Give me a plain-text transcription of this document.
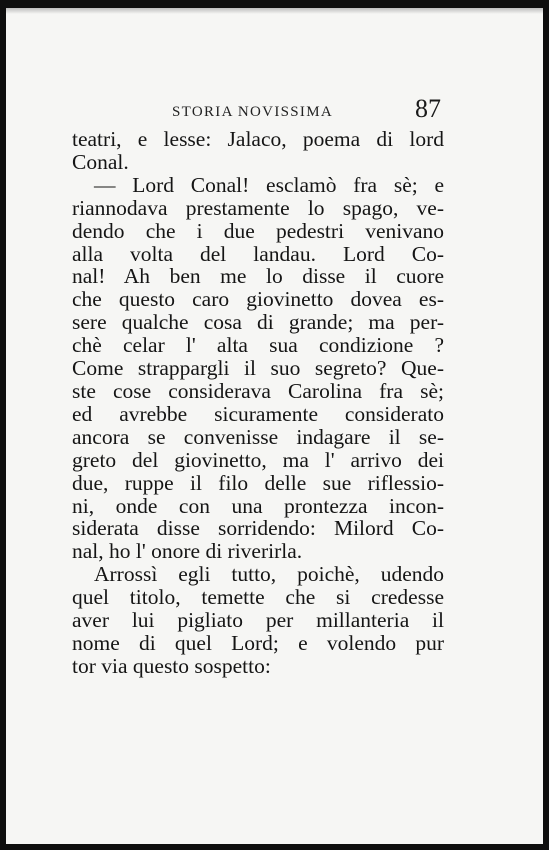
STORIA NOVISSIMA	87
teatri, e lesse: Jalaco, poema di lord
Conal.
— Lord Conal! esclamò fra sè; e
riannodava prestamente lo spago, ve-
dendo che i due pedestri venivano
alla volta del landau. Lord Co-
nal! Ah ben me lo disse il cuore
che questo caro giovinetto dovea es-
sere qualche cosa di grande; ma per-
chè celar l' alta sua condizione ?
Come strappargli il suo segreto? Que-
ste cose considerava Carolina fra sè;
ed avrebbe sicuramente considerato
ancora se convenisse indagare il se-
greto del giovinetto, ma l' arrivo dei
due, ruppe il filo delle sue riflessio-
ni, onde con una prontezza incon-
siderata disse sorridendo: Milord Co-
nal, ho l' onore di riverirla.
Arrossì egli tutto, poichè, udendo
quel titolo, temette che si credesse
aver lui pigliato per millanteria il
nome di quel Lord; e volendo pur
tor via questo sospetto:
